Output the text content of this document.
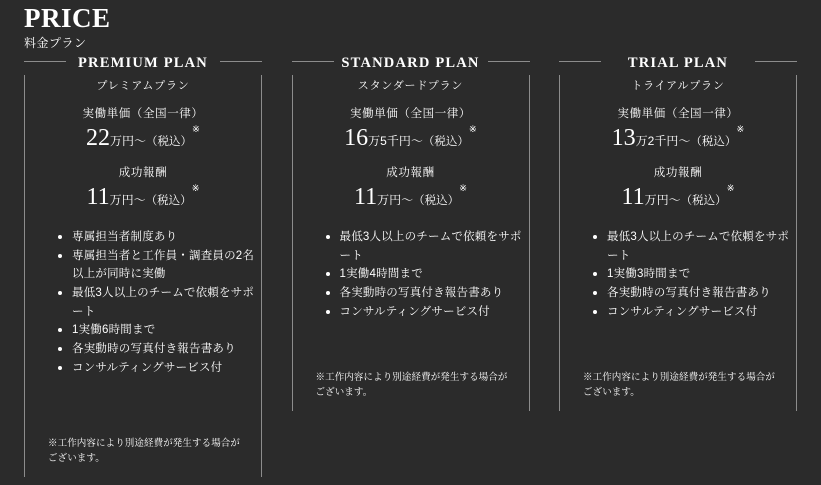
PRICE
料金プラン
PREMIUM PLAN
プレミアムプラン
実働単価（全国一律）
22万円～（税込）※
成功報酬
11万円～（税込）※
専属担当者制度あり
専属担当者と工作員・調査員の2名以上が同時に実働
最低3人以上のチームで依頼をサポート
1実働6時間まで
各実動時の写真付き報告書あり
コンサルティングサービス付
※工作内容により別途経費が発生する場合がございます。
STANDARD PLAN
スタンダードプラン
実働単価（全国一律）
16万5千円～（税込）※
成功報酬
11万円～（税込）※
最低3人以上のチームで依頼をサポート
1実働4時間まで
各実動時の写真付き報告書あり
コンサルティングサービス付
※工作内容により別途経費が発生する場合がございます。
TRIAL PLAN
トライアルプラン
実働単価（全国一律）
13万2千円～（税込）※
成功報酬
11万円～（税込）※
最低3人以上のチームで依頼をサポート
1実働3時間まで
各実動時の写真付き報告書あり
コンサルティングサービス付
※工作内容により別途経費が発生する場合がございます。
